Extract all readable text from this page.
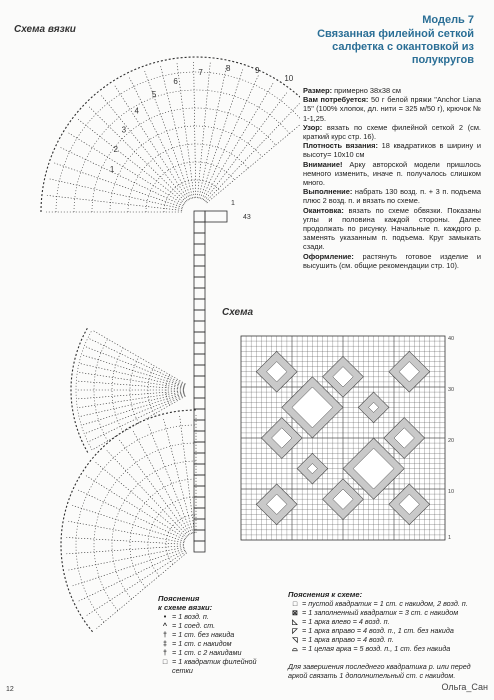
Схема вязки
1
2
3
4
5
6
7	8	9
10
1
43
Модель 7
Связанная филейной сеткой салфетка с окантовкой из полукругов

Размер: примерно 38х38 см

Вам потребуется: 50 г белой пряжи "Anchor Liana 15" (100% хлопок, дл. нити = 325 м/50 г), крючок № 1-1,25.

Узор: вязать по схеме филейной сеткой 2 (см. краткий курс стр. 16).

Плотность вязания: 18 квадратиков в ширину и высоту= 10х10 см

Внимание! Арку авторской модели пришлось немного изменить, иначе п. получалось слишком много.

Выполнение: набрать 130 возд. п. + 3 п. подъема плюс 2 возд. п. и вязать по схеме.

Окантовка: вязать по схеме обвязки. Показаны углы и половина каждой стороны. Далее продолжать по рисунку. Начальные п. каждого р. заменять указанным п. подъема. Круг замыкать сзади.

Оформление: растянуть готовое изделие и высушить (см. общие рекомендации стр. 10).

Схема
40
30
20
10
1
Пояснения
к схеме вязки:
• = 1 возд. п.
^ = 1 соед. ст.
† = 1 ст. без накида
‡ = 1 ст. с накидом
† = 1 ст. с 2 накидами
□ = 1 квадратик филейной сетки
Пояснения к схеме:
□ = пустой квадратик = 1 ст. с накидом, 2 возд. п.
⊠ = 1 заполненный квадратик = 3 ст. с накидом
◺ = 1 арка влево = 4 возд. п.
◸ = 1 арка вправо = 4 возд. п., 1 ст. без накида
◹ = 1 арка вправо = 4 возд. п.
⌓ = 1 целая арка = 5 возд. п., 1 ст. без накида
Для завершения последнего квадратика р. или перед аркой связать 1 дополнительный ст. с накидом.
12	Ольга_Сан
